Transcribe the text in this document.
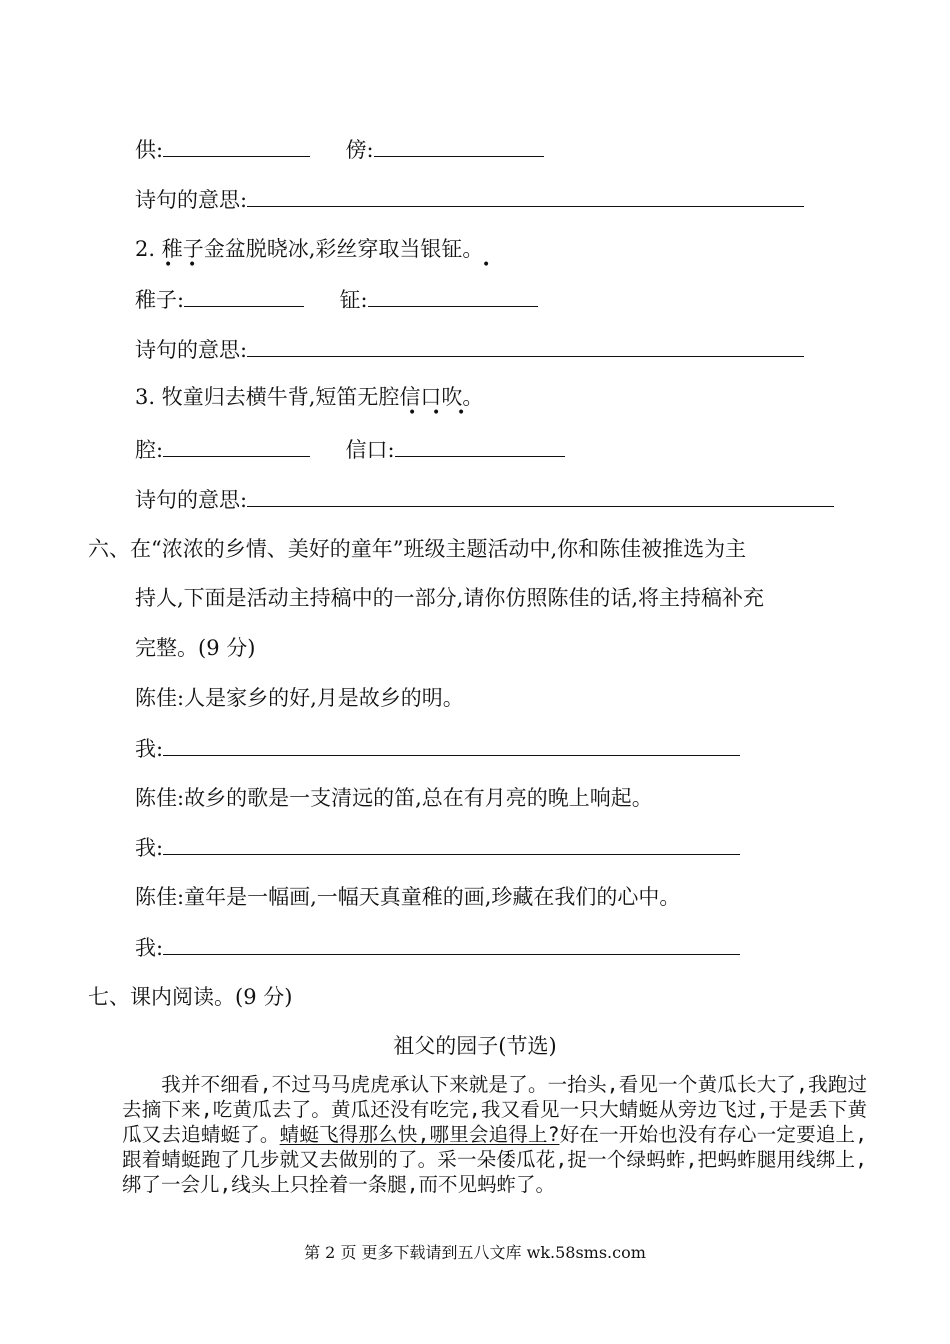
供:	傍:
诗句的意思:
2. 稚子金盆脱晓冰,彩丝穿取当银钲。
• •	•
稚子:	钲:
诗句的意思:
3. 牧童归去横牛背,短笛无腔信口吹。
• • •
腔:	信口:
诗句的意思:
六、在“浓浓的乡情、美好的童年”班级主题活动中,你和陈佳被推选为主
持人,下面是活动主持稿中的一部分,请你仿照陈佳的话,将主持稿补充
完整。(9 分)
陈佳:人是家乡的好,月是故乡的明。
我:
陈佳:故乡的歌是一支清远的笛,总在有月亮的晚上响起。
我:
陈佳:童年是一幅画,一幅天真童稚的画,珍藏在我们的心中。
我:
七、课内阅读。(9 分)
祖父的园子(节选)
我并不细看,不过马马虎虎承认下来就是了。一抬头,看见一个黄瓜长大了,我跑过去摘下来,吃黄瓜去了。黄瓜还没有吃完,我又看见一只大蜻蜓从旁边飞过,于是丢下黄瓜又去追蜻蜓了。蜻蜓飞得那么快,哪里会追得上?好在一开始也没有存心一定要追上,跟着蜻蜓跑了几步就又去做别的了。采一朵倭瓜花,捉一个绿蚂蚱,把蚂蚱腿用线绑上,绑了一会儿,线头上只拴着一条腿,而不见蚂蚱了。
第 2 页 更多下载请到五八文库 wk.58sms.com
